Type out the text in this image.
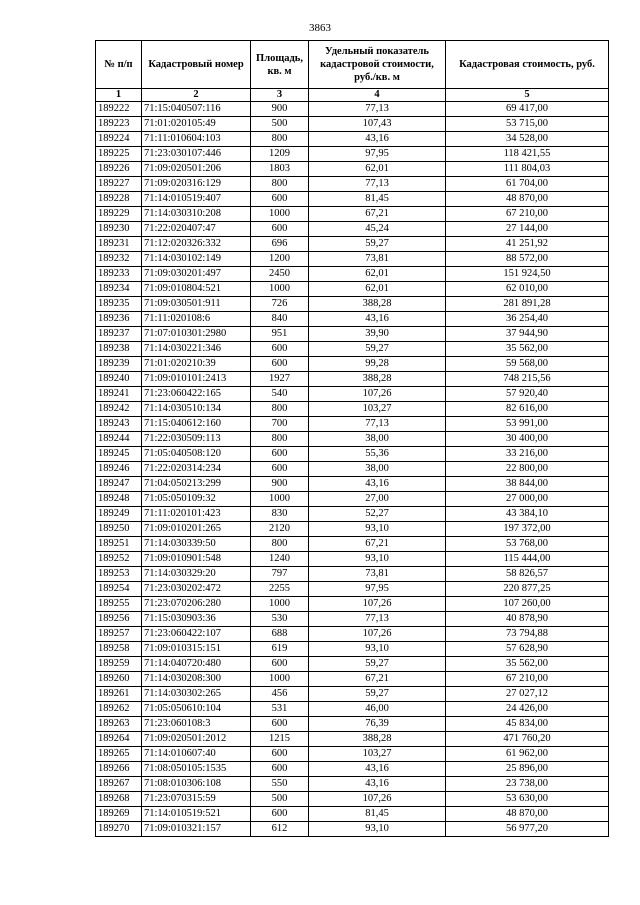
3863
№ п/п	Кадастровый номер	Площадь, кв. м	Удельный показатель кадастровой стоимости, руб./кв. м	Кадастровая стоимость, руб.
1	2	3	4	5
189222	71:15:040507:116	900	77,13	69 417,00
189223	71:01:020105:49	500	107,43	53 715,00
189224	71:11:010604:103	800	43,16	34 528,00
189225	71:23:030107:446	1209	97,95	118 421,55
189226	71:09:020501:206	1803	62,01	111 804,03
189227	71:09:020316:129	800	77,13	61 704,00
189228	71:14:010519:407	600	81,45	48 870,00
189229	71:14:030310:208	1000	67,21	67 210,00
189230	71:22:020407:47	600	45,24	27 144,00
189231	71:12:020326:332	696	59,27	41 251,92
189232	71:14:030102:149	1200	73,81	88 572,00
189233	71:09:030201:497	2450	62,01	151 924,50
189234	71:09:010804:521	1000	62,01	62 010,00
189235	71:09:030501:911	726	388,28	281 891,28
189236	71:11:020108:6	840	43,16	36 254,40
189237	71:07:010301:2980	951	39,90	37 944,90
189238	71:14:030221:346	600	59,27	35 562,00
189239	71:01:020210:39	600	99,28	59 568,00
189240	71:09:010101:2413	1927	388,28	748 215,56
189241	71:23:060422:165	540	107,26	57 920,40
189242	71:14:030510:134	800	103,27	82 616,00
189243	71:15:040612:160	700	77,13	53 991,00
189244	71:22:030509:113	800	38,00	30 400,00
189245	71:05:040508:120	600	55,36	33 216,00
189246	71:22:020314:234	600	38,00	22 800,00
189247	71:04:050213:299	900	43,16	38 844,00
189248	71:05:050109:32	1000	27,00	27 000,00
189249	71:11:020101:423	830	52,27	43 384,10
189250	71:09:010201:265	2120	93,10	197 372,00
189251	71:14:030339:50	800	67,21	53 768,00
189252	71:09:010901:548	1240	93,10	115 444,00
189253	71:14:030329:20	797	73,81	58 826,57
189254	71:23:030202:472	2255	97,95	220 877,25
189255	71:23:070206:280	1000	107,26	107 260,00
189256	71:15:030903:36	530	77,13	40 878,90
189257	71:23:060422:107	688	107,26	73 794,88
189258	71:09:010315:151	619	93,10	57 628,90
189259	71:14:040720:480	600	59,27	35 562,00
189260	71:14:030208:300	1000	67,21	67 210,00
189261	71:14:030302:265	456	59,27	27 027,12
189262	71:05:050610:104	531	46,00	24 426,00
189263	71:23:060108:3	600	76,39	45 834,00
189264	71:09:020501:2012	1215	388,28	471 760,20
189265	71:14:010607:40	600	103,27	61 962,00
189266	71:08:050105:1535	600	43,16	25 896,00
189267	71:08:010306:108	550	43,16	23 738,00
189268	71:23:070315:59	500	107,26	53 630,00
189269	71:14:010519:521	600	81,45	48 870,00
189270	71:09:010321:157	612	93,10	56 977,20
